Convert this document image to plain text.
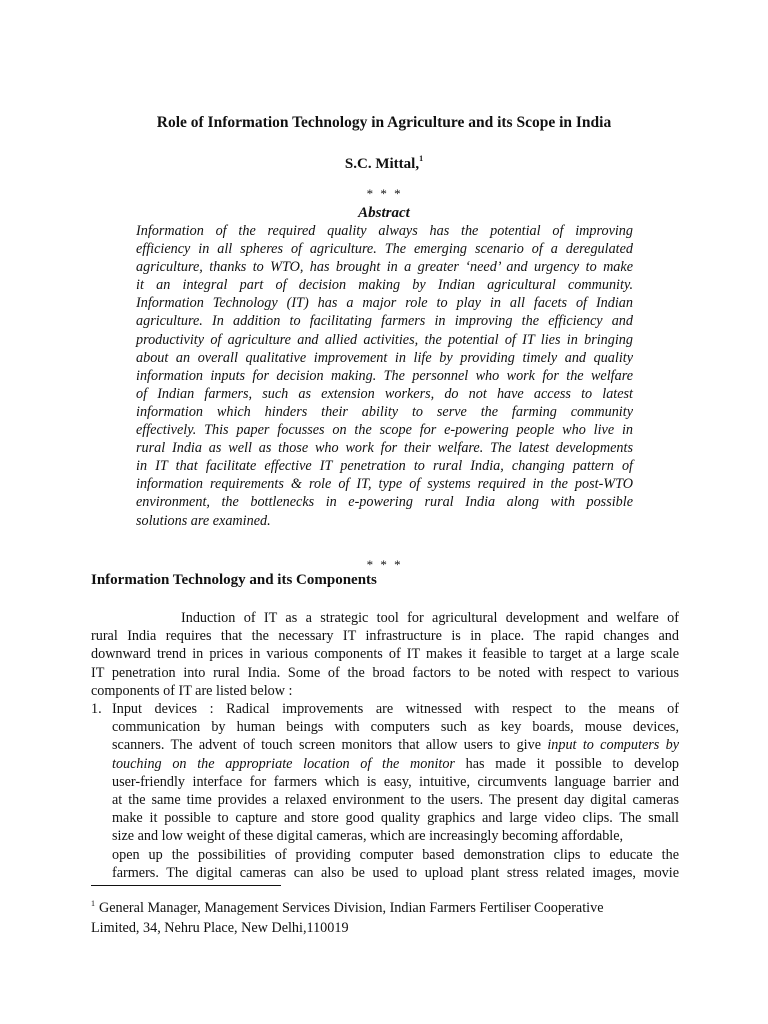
Role of Information Technology in Agriculture and its Scope in India
S.C. Mittal,$^1$
* * *
Abstract
Information of the required quality always has the potential of improving
efficiency in all spheres of agriculture. The emerging scenario of a deregulated
agriculture, thanks to WTO, has brought in a greater ‘need’ and urgency to make
it an integral part of decision making by Indian agricultural community.
Information Technology (IT) has a major role to play in all facets of Indian
agriculture. In addition to facilitating farmers in improving the efficiency and
productivity of agriculture and allied activities, the potential of IT lies in bringing
about an overall qualitative improvement in life by providing timely and quality
information inputs for decision making. The personnel who work for the welfare
of Indian farmers, such as extension workers, do not have access to latest
information which hinders their ability to serve the farming community
effectively. This paper focusses on the scope for e-powering people who live in
rural India as well as those who work for their welfare. The latest developments
in IT that facilitate effective IT penetration to rural India, changing pattern of
information requirements & role of IT, type of systems required in the post-WTO
environment, the bottlenecks in e-powering rural India along with possible
solutions are examined.
* * *
Information Technology and its Components
Induction of IT as a strategic tool for agricultural development and welfare of
rural India requires that the necessary IT infrastructure is in place. The rapid changes and
downward trend in prices in various components of IT makes it feasible to target at a large scale
IT penetration into rural India. Some of the broad factors to be noted with respect to various
components of IT are listed below :
1. Input devices : Radical improvements are witnessed with respect to the means of
communication by human beings with computers such as key boards, mouse devices,
scanners. The advent of touch screen monitors that allow users to give input to computers by
touching on the appropriate location of the monitor has made it possible to develop
user-friendly interface for farmers which is easy, intuitive, circumvents language barrier and
at the same time provides a relaxed environment to the users. The present day digital cameras
make it possible to capture and store good quality graphics and large video clips. The small
size and low weight of these digital cameras, which are increasingly becoming affordable,
open up the possibilities of providing computer based demonstration clips to educate the
farmers. The digital cameras can also be used to upload plant stress related images, movie
$^1$ General Manager, Management Services Division, Indian Farmers Fertiliser Cooperative
Limited, 34, Nehru Place, New Delhi,110019
